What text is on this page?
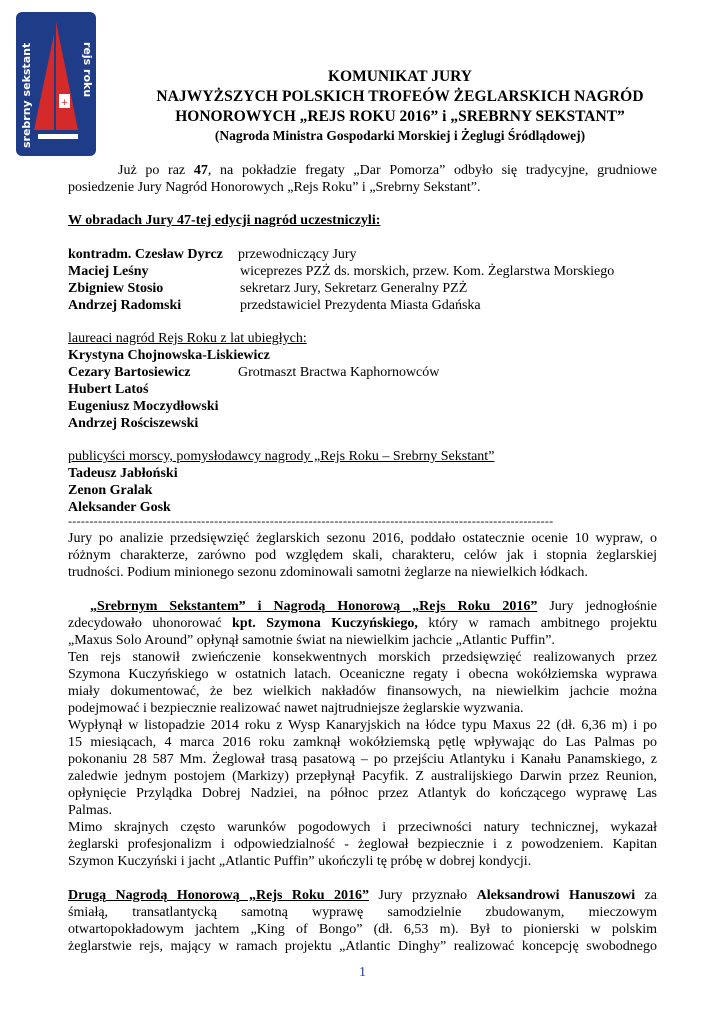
+
srebrny sekstant	rejs roku	KOMUNIKAT JURY
NAJWYŻSZYCH POLSKICH TROFEÓW ŻEGLARSKICH NAGRÓD
HONOROWYCH „REJS ROKU 2016” i „SREBRNY SEKSTANT”
(Nagroda Ministra Gospodarki Morskiej i Żeglugi Śródlądowej)
Już po raz 47, na pokładzie fregaty „Dar Pomorza” odbyło się tradycyjne, grudniowe
posiedzenie Jury Nagród Honorowych „Rejs Roku” i „Srebrny Sekstant”.
W obradach Jury 47-tej edycji nagród uczestniczyli:
kontradm. Czesław Dyrcz przewodniczący Jury
Maciej Leśny	wiceprezes PZŻ ds. morskich, przew. Kom. Żeglarstwa Morskiego
Zbigniew Stosio	sekretarz Jury, Sekretarz Generalny PZŻ
Andrzej Radomski	przedstawiciel Prezydenta Miasta Gdańska
laureaci nagród Rejs Roku z lat ubiegłych:
Krystyna Chojnowska-Liskiewicz
Cezary Bartosiewicz	Grotmaszt Bractwa Kaphornowców
Hubert Latoś
Eugeniusz Moczydłowski
Andrzej Rościszewski
publicyści morscy, pomysłodawcy nagrody „Rejs Roku – Srebrny Sekstant”
Tadeusz Jabłoński
Zenon Gralak
Aleksander Gosk
-----------------------------------------------------------------------------------------------------------------
Jury po analizie przedsięwzięć żeglarskich sezonu 2016, poddało ostatecznie ocenie 10 wypraw, o
różnym charakterze, zarówno pod względem skali, charakteru, celów jak i stopnia żeglarskiej
trudności. Podium minionego sezonu zdominowali samotni żeglarze na niewielkich łódkach.
„Srebrnym Sekstantem” i Nagrodą Honorową „Rejs Roku 2016” Jury jednogłośnie
zdecydowało uhonorować kpt. Szymona Kuczyńskiego, który w ramach ambitnego projektu
„Maxus Solo Around” opłynął samotnie świat na niewielkim jachcie „Atlantic Puffin”.
Ten rejs stanowił zwieńczenie konsekwentnych morskich przedsięwzięć realizowanych przez
Szymona Kuczyńskiego w ostatnich latach. Oceaniczne regaty i obecna wokółziemska wyprawa
miały dokumentować, że bez wielkich nakładów finansowych, na niewielkim jachcie można
podejmować i bezpiecznie realizować nawet najtrudniejsze żeglarskie wyzwania.
Wypłynął w listopadzie 2014 roku z Wysp Kanaryjskich na łódce typu Maxus 22 (dł. 6,36 m) i po
15 miesiącach, 4 marca 2016 roku zamknął wokółziemską pętlę wpływając do Las Palmas po
pokonaniu 28 587 Mm. Żeglował trasą pasatową – po przejściu Atlantyku i Kanału Panamskiego, z
zaledwie jednym postojem (Markizy) przepłynął Pacyfik. Z australijskiego Darwin przez Reunion,
opłynięcie Przylądka Dobrej Nadziei, na północ przez Atlantyk do kończącego wyprawę Las
Palmas.
Mimo skrajnych często warunków pogodowych i przeciwności natury technicznej, wykazał
żeglarski profesjonalizm i odpowiedzialność - żeglował bezpiecznie i z powodzeniem. Kapitan
Szymon Kuczyński i jacht „Atlantic Puffin” ukończyli tę próbę w dobrej kondycji.
Drugą Nagrodą Honorową „Rejs Roku 2016” Jury przyznało Aleksandrowi Hanuszowi za
śmiałą, transatlantycką samotną wyprawę samodzielnie zbudowanym, mieczowym
otwartopokładowym jachtem „King of Bongo” (dł. 6,53 m). Był to pionierski w polskim
żeglarstwie rejs, mający w ramach projektu „Atlantic Dinghy” realizować koncepcję swobodnego
1
